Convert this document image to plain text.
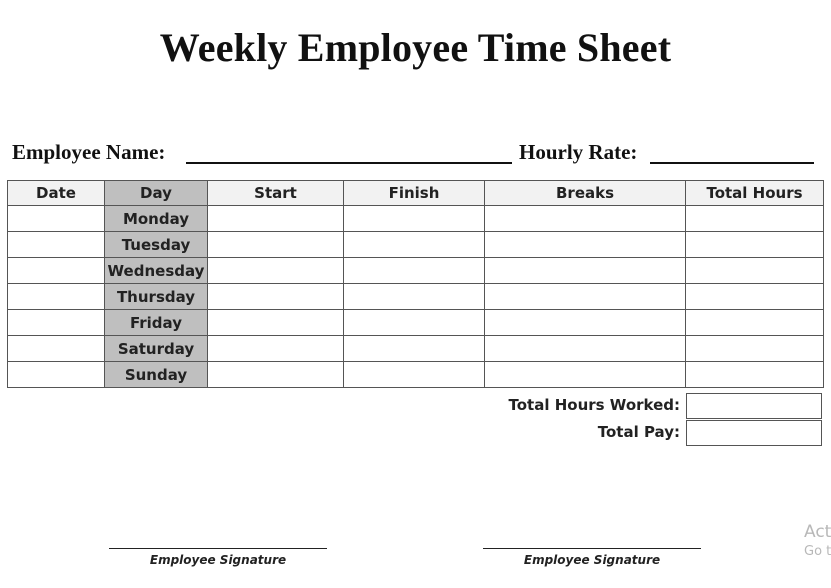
Weekly Employee Time Sheet
Employee Name:	Hourly Rate:
Date	Day	Start	Finish	Breaks	Total Hours
	Monday				
	Tuesday				
	Wednesday				
	Thursday				
	Friday				
	Saturday				
	Sunday				
Total Hours Worked:
Total Pay:
Employee Signature	Employee Signature
Act
Go t
